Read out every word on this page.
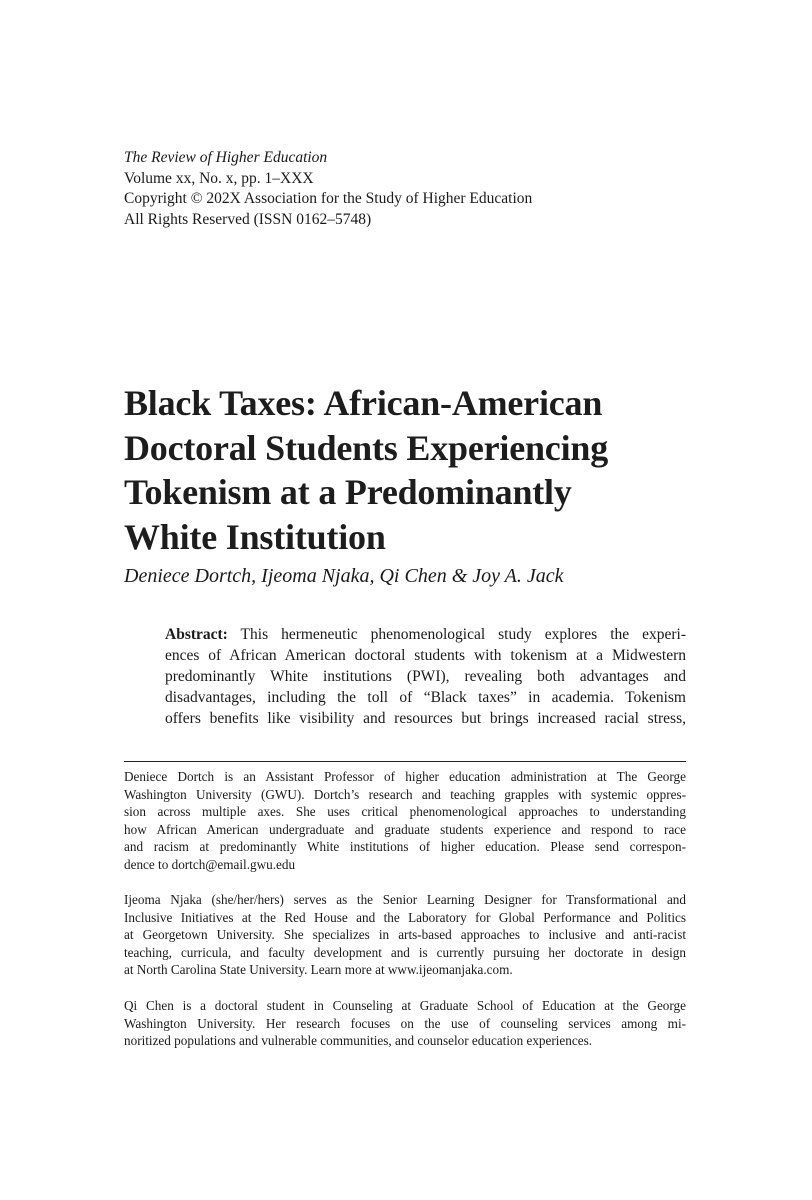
The Review of Higher Education
Volume xx, No. x, pp. 1–XXX
Copyright © 202X Association for the Study of Higher Education
All Rights Reserved (ISSN 0162–5748)
Black Taxes: African-American
Doctoral Students Experiencing
Tokenism at a Predominantly
White Institution
Deniece Dortch, Ijeoma Njaka, Qi Chen & Joy A. Jack
Abstract: This hermeneutic phenomenological study explores the experi-
ences of African American doctoral students with tokenism at a Midwestern
predominantly White institutions (PWI), revealing both advantages and
disadvantages, including the toll of “Black taxes” in academia. Tokenism
offers benefits like visibility and resources but brings increased racial stress,
Deniece Dortch is an Assistant Professor of higher education administration at The George
Washington University (GWU). Dortch’s research and teaching grapples with systemic oppres-
sion across multiple axes. She uses critical phenomenological approaches to understanding
how African American undergraduate and graduate students experience and respond to race
and racism at predominantly White institutions of higher education. Please send correspon-
dence to dortch@email.gwu.edu
Ijeoma Njaka (she/her/hers) serves as the Senior Learning Designer for Transformational and
Inclusive Initiatives at the Red House and the Laboratory for Global Performance and Politics
at Georgetown University. She specializes in arts-based approaches to inclusive and anti-racist
teaching, curricula, and faculty development and is currently pursuing her doctorate in design
at North Carolina State University. Learn more at www.ijeomanjaka.com.
Qi Chen is a doctoral student in Counseling at Graduate School of Education at the George
Washington University. Her research focuses on the use of counseling services among mi-
noritized populations and vulnerable communities, and counselor education experiences.
